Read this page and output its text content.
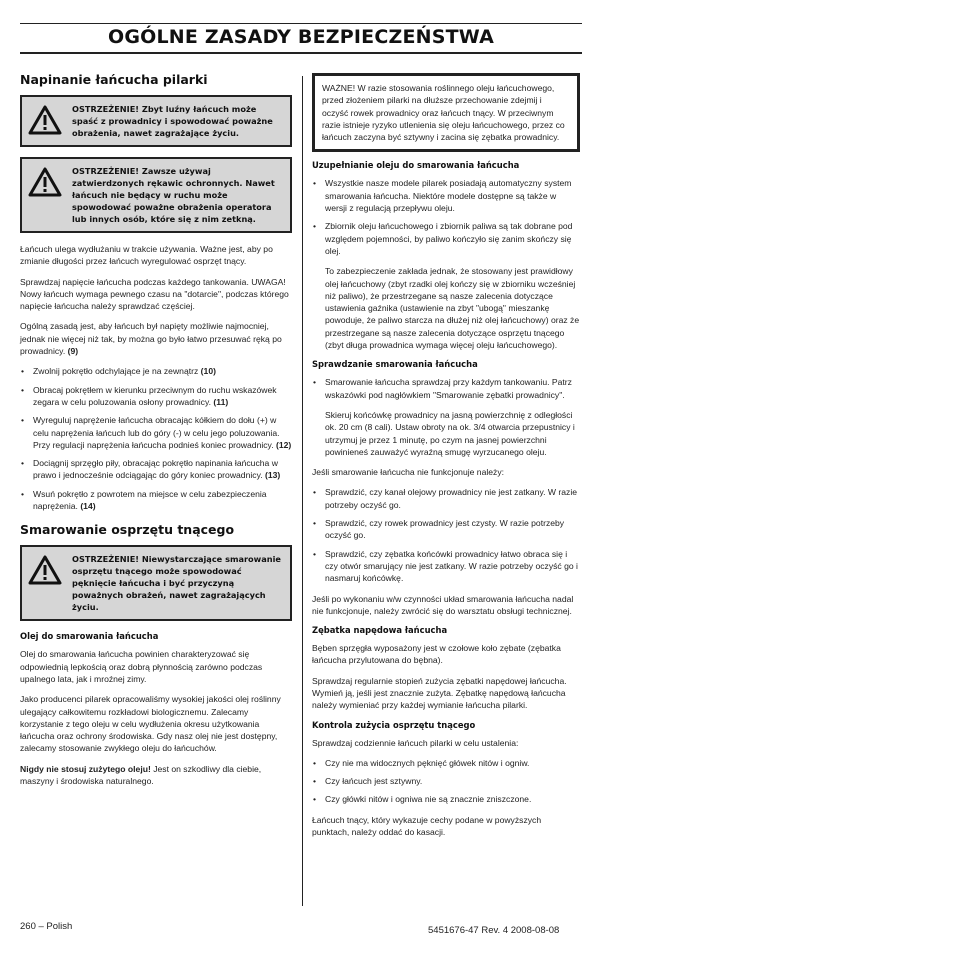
OGÓLNE ZASADY BEZPIECZEŃSTWA
Napinanie łańcucha pilarki
OSTRZEŻENIE! Zbyt luźny łańcuch może spaść z prowadnicy i spowodować poważne obrażenia, nawet zagrażające życiu.
OSTRZEŻENIE! Zawsze używaj zatwierdzonych rękawic ochronnych. Nawet łańcuch nie będący w ruchu może spowodować poważne obrażenia operatora lub innych osób, które się z nim zetkną.

Łańcuch ulega wydłużaniu w trakcie używania. Ważne jest, aby po zmianie długości przez łańcuch wyregulować osprzęt tnący.

Sprawdzaj napięcie łańcucha podczas każdego tankowania. UWAGA! Nowy łańcuch wymaga pewnego czasu na "dotarcie", podczas którego napięcie łańcucha należy sprawdzać częściej.

Ogólną zasadą jest, aby łańcuch był napięty możliwie najmocniej, jednak nie więcej niż tak, by można go było łatwo przesuwać ręką po prowadnicy. (9)

• Zwolnij pokrętło odchylające je na zewnątrz (10)
• Obracaj pokrętłem w kierunku przeciwnym do ruchu wskazówek zegara w celu poluzowania osłony prowadnicy. (11)
• Wyreguluj naprężenie łańcucha obracając kółkiem do dołu (+) w celu naprężenia łańcuch lub do góry (-) w celu jego poluzowania. Przy regulacji naprężenia łańcucha podnieś koniec prowadnicy. (12)
• Dociągnij sprzęgło piły, obracając pokrętło napinania łańcucha w prawo i jednocześnie odciągając do góry koniec prowadnicy. (13)
• Wsuń pokrętło z powrotem na miejsce w celu zabezpieczenia naprężenia. (14)
Smarowanie osprzętu tnącego
OSTRZEŻENIE! Niewystarczające smarowanie osprzętu tnącego może spowodować pęknięcie łańcucha i być przyczyną poważnych obrażeń, nawet zagrażających życiu.
Olej do smarowania łańcucha

Olej do smarowania łańcucha powinien charakteryzować się odpowiednią lepkością oraz dobrą płynnością zarówno podczas upalnego lata, jak i mroźnej zimy.

Jako producenci pilarek opracowaliśmy wysokiej jakości olej roślinny ulegający całkowitemu rozkładowi biologicznemu. Zalecamy korzystanie z tego oleju w celu wydłużenia okresu użytkowania łańcucha oraz ochrony środowiska. Gdy nasz olej nie jest dostępny, zalecamy stosowanie zwykłego oleju do łańcuchów.

Nigdy nie stosuj zużytego oleju! Jest on szkodliwy dla ciebie, maszyny i środowiska naturalnego.

WAŻNE! W razie stosowania roślinnego oleju łańcuchowego, przed złożeniem pilarki na dłuższe przechowanie zdejmij i oczyść rowek prowadnicy oraz łańcuch tnący. W przeciwnym razie istnieje ryzyko utlenienia się oleju łańcuchowego, przez co łańcuch zaczyna być sztywny i zacina się zębatka prowadnicy.

Uzupełnianie oleju do smarowania łańcucha
• Wszystkie nasze modele pilarek posiadają automatyczny system smarowania łańcucha. Niektóre modele dostępne są także w wersji z regulacją przepływu oleju.
• Zbiornik oleju łańcuchowego i zbiornik paliwa są tak dobrane pod względem pojemności, by paliwo kończyło się zanim skończy się olej.

To zabezpieczenie zakłada jednak, że stosowany jest prawidłowy olej łańcuchowy (zbyt rzadki olej kończy się w zbiorniku wcześniej niż paliwo), że przestrzegane są nasze zalecenia dotyczące ustawienia gaźnika (ustawienie na zbyt "ubogą" mieszankę powoduje, że paliwo starcza na dłużej niż olej łańcuchowy) oraz że przestrzegane są nasze zalecenia dotyczące osprzętu tnącego (zbyt długa prowadnica wymaga więcej oleju łańcuchowego).

Sprawdzanie smarowania łańcucha
• Smarowanie łańcucha sprawdzaj przy każdym tankowaniu. Patrz wskazówki pod nagłówkiem "Smarowanie zębatki prowadnicy".

Skieruj końcówkę prowadnicy na jasną powierzchnię z odległości ok. 20 cm (8 cali). Ustaw obroty na ok. 3/4 otwarcia przepustnicy i utrzymuj je przez 1 minutę, po czym na jasnej powierzchni powinieneś zauważyć wyraźną smugę wyrzucanego oleju.

Jeśli smarowanie łańcucha nie funkcjonuje należy:

• Sprawdzić, czy kanał olejowy prowadnicy nie jest zatkany. W razie potrzeby oczyść go.
• Sprawdzić, czy rowek prowadnicy jest czysty. W razie potrzeby oczyść go.
• Sprawdzić, czy zębatka końcówki prowadnicy łatwo obraca się i czy otwór smarujący nie jest zatkany. W razie potrzeby oczyść go i nasmaruj końcówkę.

Jeśli po wykonaniu w/w czynności układ smarowania łańcucha nadal nie funkcjonuje, należy zwrócić się do warsztatu obsługi technicznej.

Zębatka napędowa łańcucha

Bęben sprzęgła wyposażony jest w czołowe koło zębate (zębatka łańcucha przylutowana do bębna).

Sprawdzaj regularnie stopień zużycia zębatki napędowej łańcucha. Wymień ją, jeśli jest znacznie zużyta. Zębatkę napędową łańcucha należy wymieniać przy każdej wymianie łańcucha pilarki.

Kontrola zużycia osprzętu tnącego

Sprawdzaj codziennie łańcuch pilarki w celu ustalenia:

• Czy nie ma widocznych pęknięć główek nitów i ogniw.
• Czy łańcuch jest sztywny.
• Czy główki nitów i ogniwa nie są znacznie zniszczone.

Łańcuch tnący, który wykazuje cechy podane w powyższych punktach, należy oddać do kasacji.

260 – Polish	5451676-47 Rev. 4 2008-08-08
